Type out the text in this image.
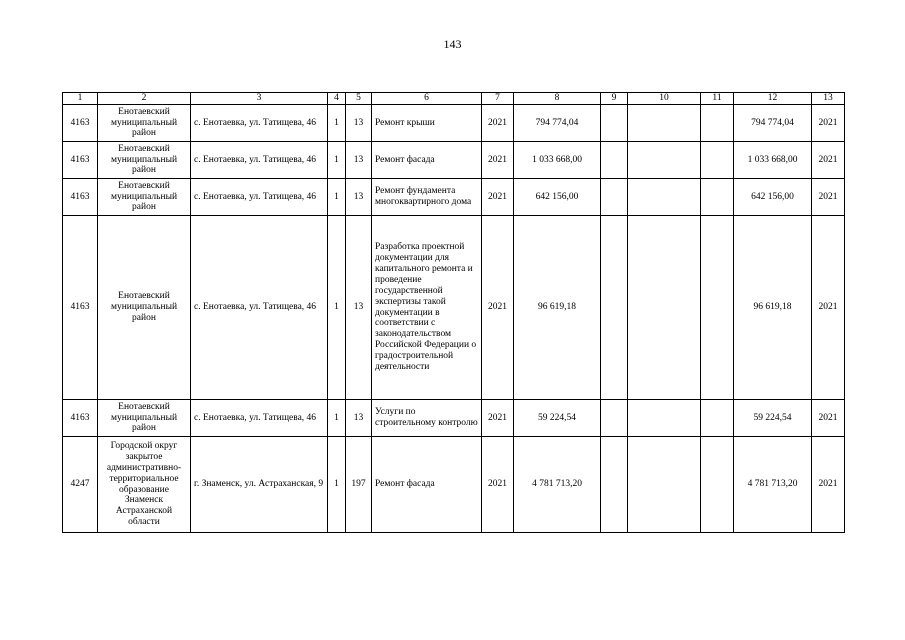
143
1	2	3	4	5	6	7	8	9	10	11	12	13
4163	Енотаевский муниципальный район	с. Енотаевка, ул. Татищева, 46	1	13	Ремонт крыши	2021	794 774,04				794 774,04	2021
4163	Енотаевский муниципальный район	с. Енотаевка, ул. Татищева, 46	1	13	Ремонт фасада	2021	1 033 668,00				1 033 668,00	2021
4163	Енотаевский муниципальный район	с. Енотаевка, ул. Татищева, 46	1	13	Ремонт фундамента многоквартирного дома	2021	642 156,00				642 156,00	2021
4163	Енотаевский муниципальный район	с. Енотаевка, ул. Татищева, 46	1	13	Разработка проектной документации для капитального ремонта и проведение государственной экспертизы такой документации в соответствии с законодательством Российской Федерации о градостроительной деятельности	2021	96 619,18				96 619,18	2021
4163	Енотаевский муниципальный район	с. Енотаевка, ул. Татищева, 46	1	13	Услуги по строительному контролю	2021	59 224,54				59 224,54	2021
4247	Городской округ закрытое административно-территориальное образование Знаменск Астраханской области	г. Знаменск, ул. Астраханская, 9	1	197	Ремонт фасада	2021	4 781 713,20				4 781 713,20	2021
